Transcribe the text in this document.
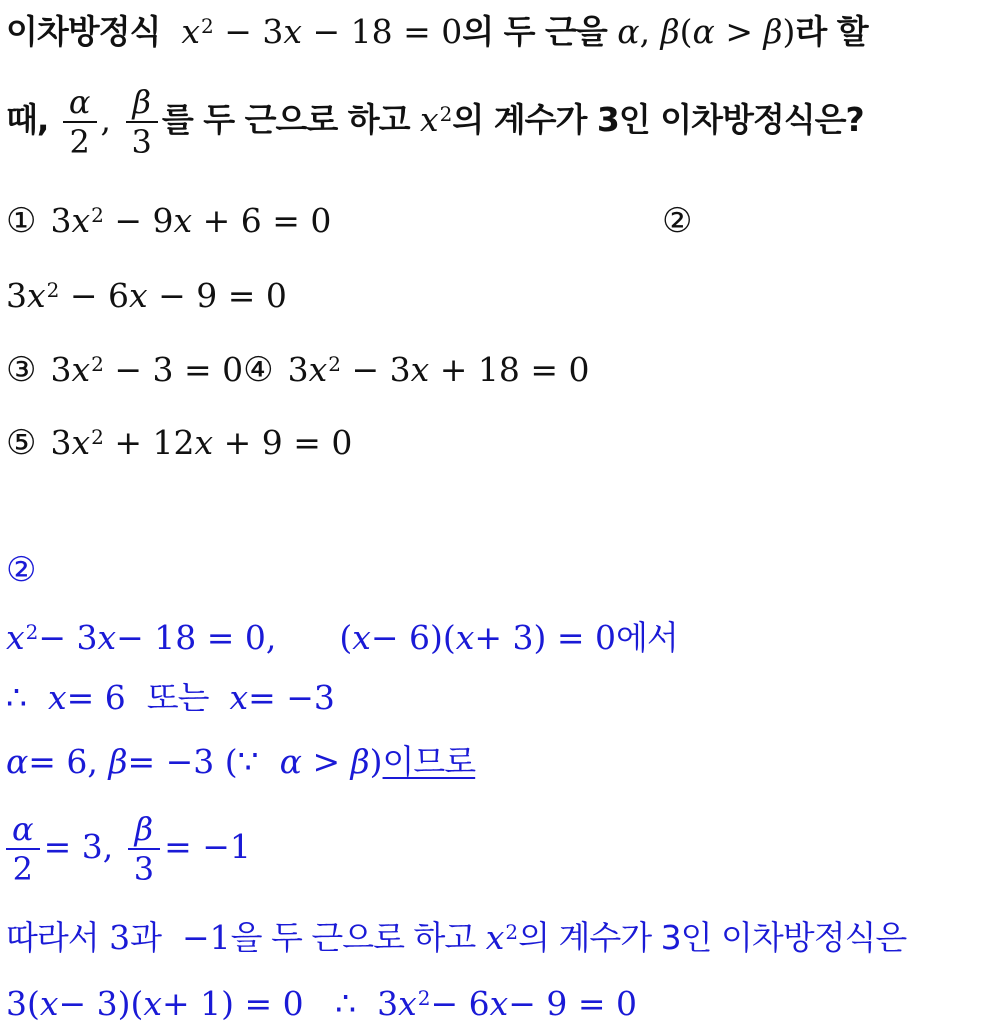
이차방정식 $x^2 - 3x - 18 = 0$의 두 근을 α, β(α > β)라 할
때, $\frac{\alpha}{2}$ , $\frac{\beta}{3}$ 를 두 근으로 하고 $x^2$의 계수가 3인 이차방정식은?
① $3x^2 - 9x + 6 = 0$	②
$3x^2 - 6x - 9 = 0$
③ $3x^2 - 3$ = 0④ $3x^2 - 3x + 18 = 0$
⑤ $3x^2 + 12x + 9 = 0$
②
$x^2- 3x- 18 = 0$, (x− 6)(x+ 3) = 0에서
∴ x= 6 또는 x= −3
α= 6, β= −3 (∵ α > β)이므로
$\frac{\alpha}{2} = 3$, $\frac{\beta}{3} = -1$
따라서 3과 −1을 두 근으로 하고 $x^2$의 계수가 3인 이차방정식은
3(x− 3)(x+ 1) = 0 ∴ $3x^2- 6x- 9 = 0$
